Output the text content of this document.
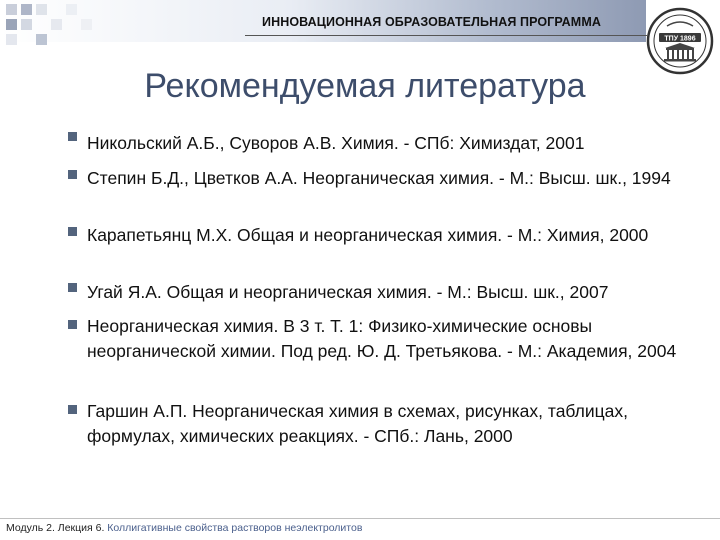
ИННОВАЦИОННАЯ ОБРАЗОВАТЕЛЬНАЯ ПРОГРАММА
ТПУ 1896
Рекомендуемая литература
Никольский А.Б., Суворов А.В. Химия. - СПб: Химиздат, 2001
Степин Б.Д., Цветков А.А. Неорганическая химия. - М.: Высш. шк., 1994
Карапетьянц М.Х. Общая и неорганическая химия. - М.: Химия, 2000
Угай Я.А. Общая и неорганическая химия. - М.: Высш. шк., 2007
Неорганическая химия. В 3 т. Т. 1: Физико-химические основы неорганической химии. Под ред. Ю. Д. Третьякова. - М.: Академия, 2004
Гаршин А.П. Неорганическая химия в схемах, рисунках, таблицах, формулах, химических реакциях. - СПб.: Лань, 2000
Модуль 2. Лекция 6. Коллигативные свойства растворов неэлектролитов
